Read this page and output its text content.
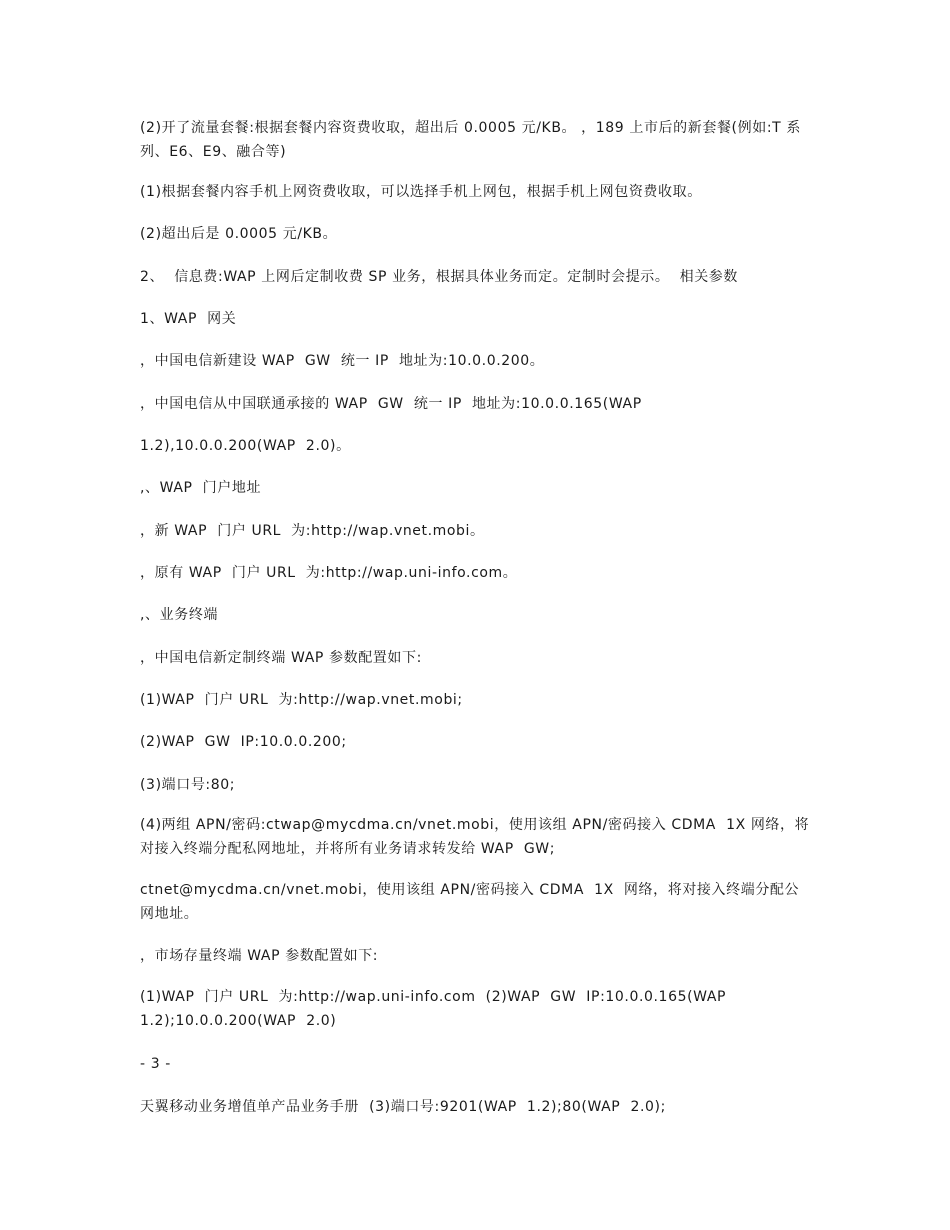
(2)开了流量套餐:根据套餐内容资费收取，超出后 0.0005 元/KB。 ，189 上市后的新套餐(例如:T 系列、E6、E9、融合等)

(1)根据套餐内容手机上网资费收取，可以选择手机上网包，根据手机上网包资费收取。

(2)超出后是 0.0005 元/KB。

2、  信息费:WAP 上网后定制收费 SP 业务，根据具体业务而定。定制时会提示。  相关参数

1、WAP  网关

，中国电信新建设 WAP  GW  统一 IP  地址为:10.0.0.200。

，中国电信从中国联通承接的 WAP  GW  统一 IP  地址为:10.0.0.165(WAP

1.2),10.0.0.200(WAP  2.0)。

,、WAP  门户地址

，新 WAP  门户 URL  为:http://wap.vnet.mobi。

，原有 WAP  门户 URL  为:http://wap.uni-info.com。

,、业务终端

，中国电信新定制终端 WAP 参数配置如下:

(1)WAP  门户 URL  为:http://wap.vnet.mobi;

(2)WAP  GW  IP:10.0.0.200;

(3)端口号:80;

(4)两组 APN/密码:ctwap@mycdma.cn/vnet.mobi，使用该组 APN/密码接入 CDMA  1X 网络，将对接入终端分配私网地址，并将所有业务请求转发给 WAP  GW;

ctnet@mycdma.cn/vnet.mobi，使用该组 APN/密码接入 CDMA  1X  网络，将对接入终端分配公网地址。

，市场存量终端 WAP 参数配置如下:

(1)WAP  门户 URL  为:http://wap.uni-info.com  (2)WAP  GW  IP:10.0.0.165(WAP 1.2);10.0.0.200(WAP  2.0)

- 3 -

天翼移动业务增值单产品业务手册  (3)端口号:9201(WAP  1.2);80(WAP  2.0);
